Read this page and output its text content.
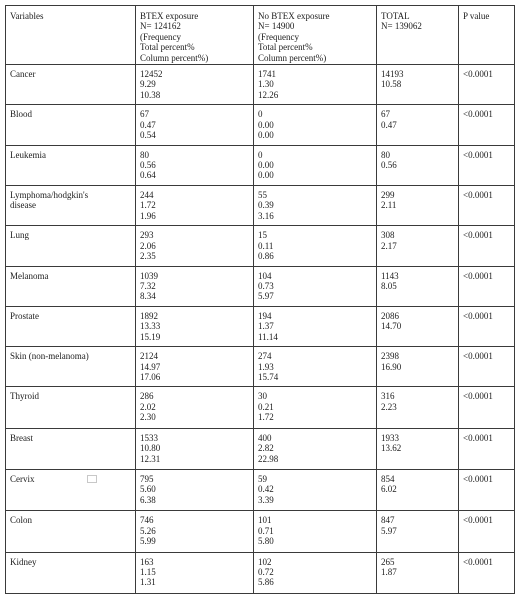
Variables	BTEX exposure
N= 124162
(Frequency
Total percent%
Column percent%)	No BTEX exposure
N= 14900
(Frequency
Total percent%
Column percent%)	TOTAL
N= 139062	P value
Cancer	12452
9.29
10.38	1741
1.30
12.26	14193
10.58	<0.0001
Blood	67
0.47
0.54	0
0.00
0.00	67
0.47	<0.0001
Leukemia	80
0.56
0.64	0
0.00
0.00	80
0.56	<0.0001
Lymphoma/hodgkin's
disease	244
1.72
1.96	55
0.39
3.16	299
2.11	<0.0001
Lung	293
2.06
2.35	15
0.11
0.86	308
2.17	<0.0001
Melanoma	1039
7.32
8.34	104
0.73
5.97	1143
8.05	<0.0001
Prostate	1892
13.33
15.19	194
1.37
11.14	2086
14.70	<0.0001
Skin (non-melanoma)	2124
14.97
17.06	274
1.93
15.74	2398
16.90	<0.0001
Thyroid	286
2.02
2.30	30
0.21
1.72	316
2.23	<0.0001
Breast	1533
10.80
12.31	400
2.82
22.98	1933
13.62	<0.0001
Cervix	795
5.60
6.38	59
0.42
3.39	854
6.02	<0.0001
Colon	746
5.26
5.99	101
0.71
5.80	847
5.97	<0.0001
Kidney	163
1.15
1.31	102
0.72
5.86	265
1.87	<0.0001
